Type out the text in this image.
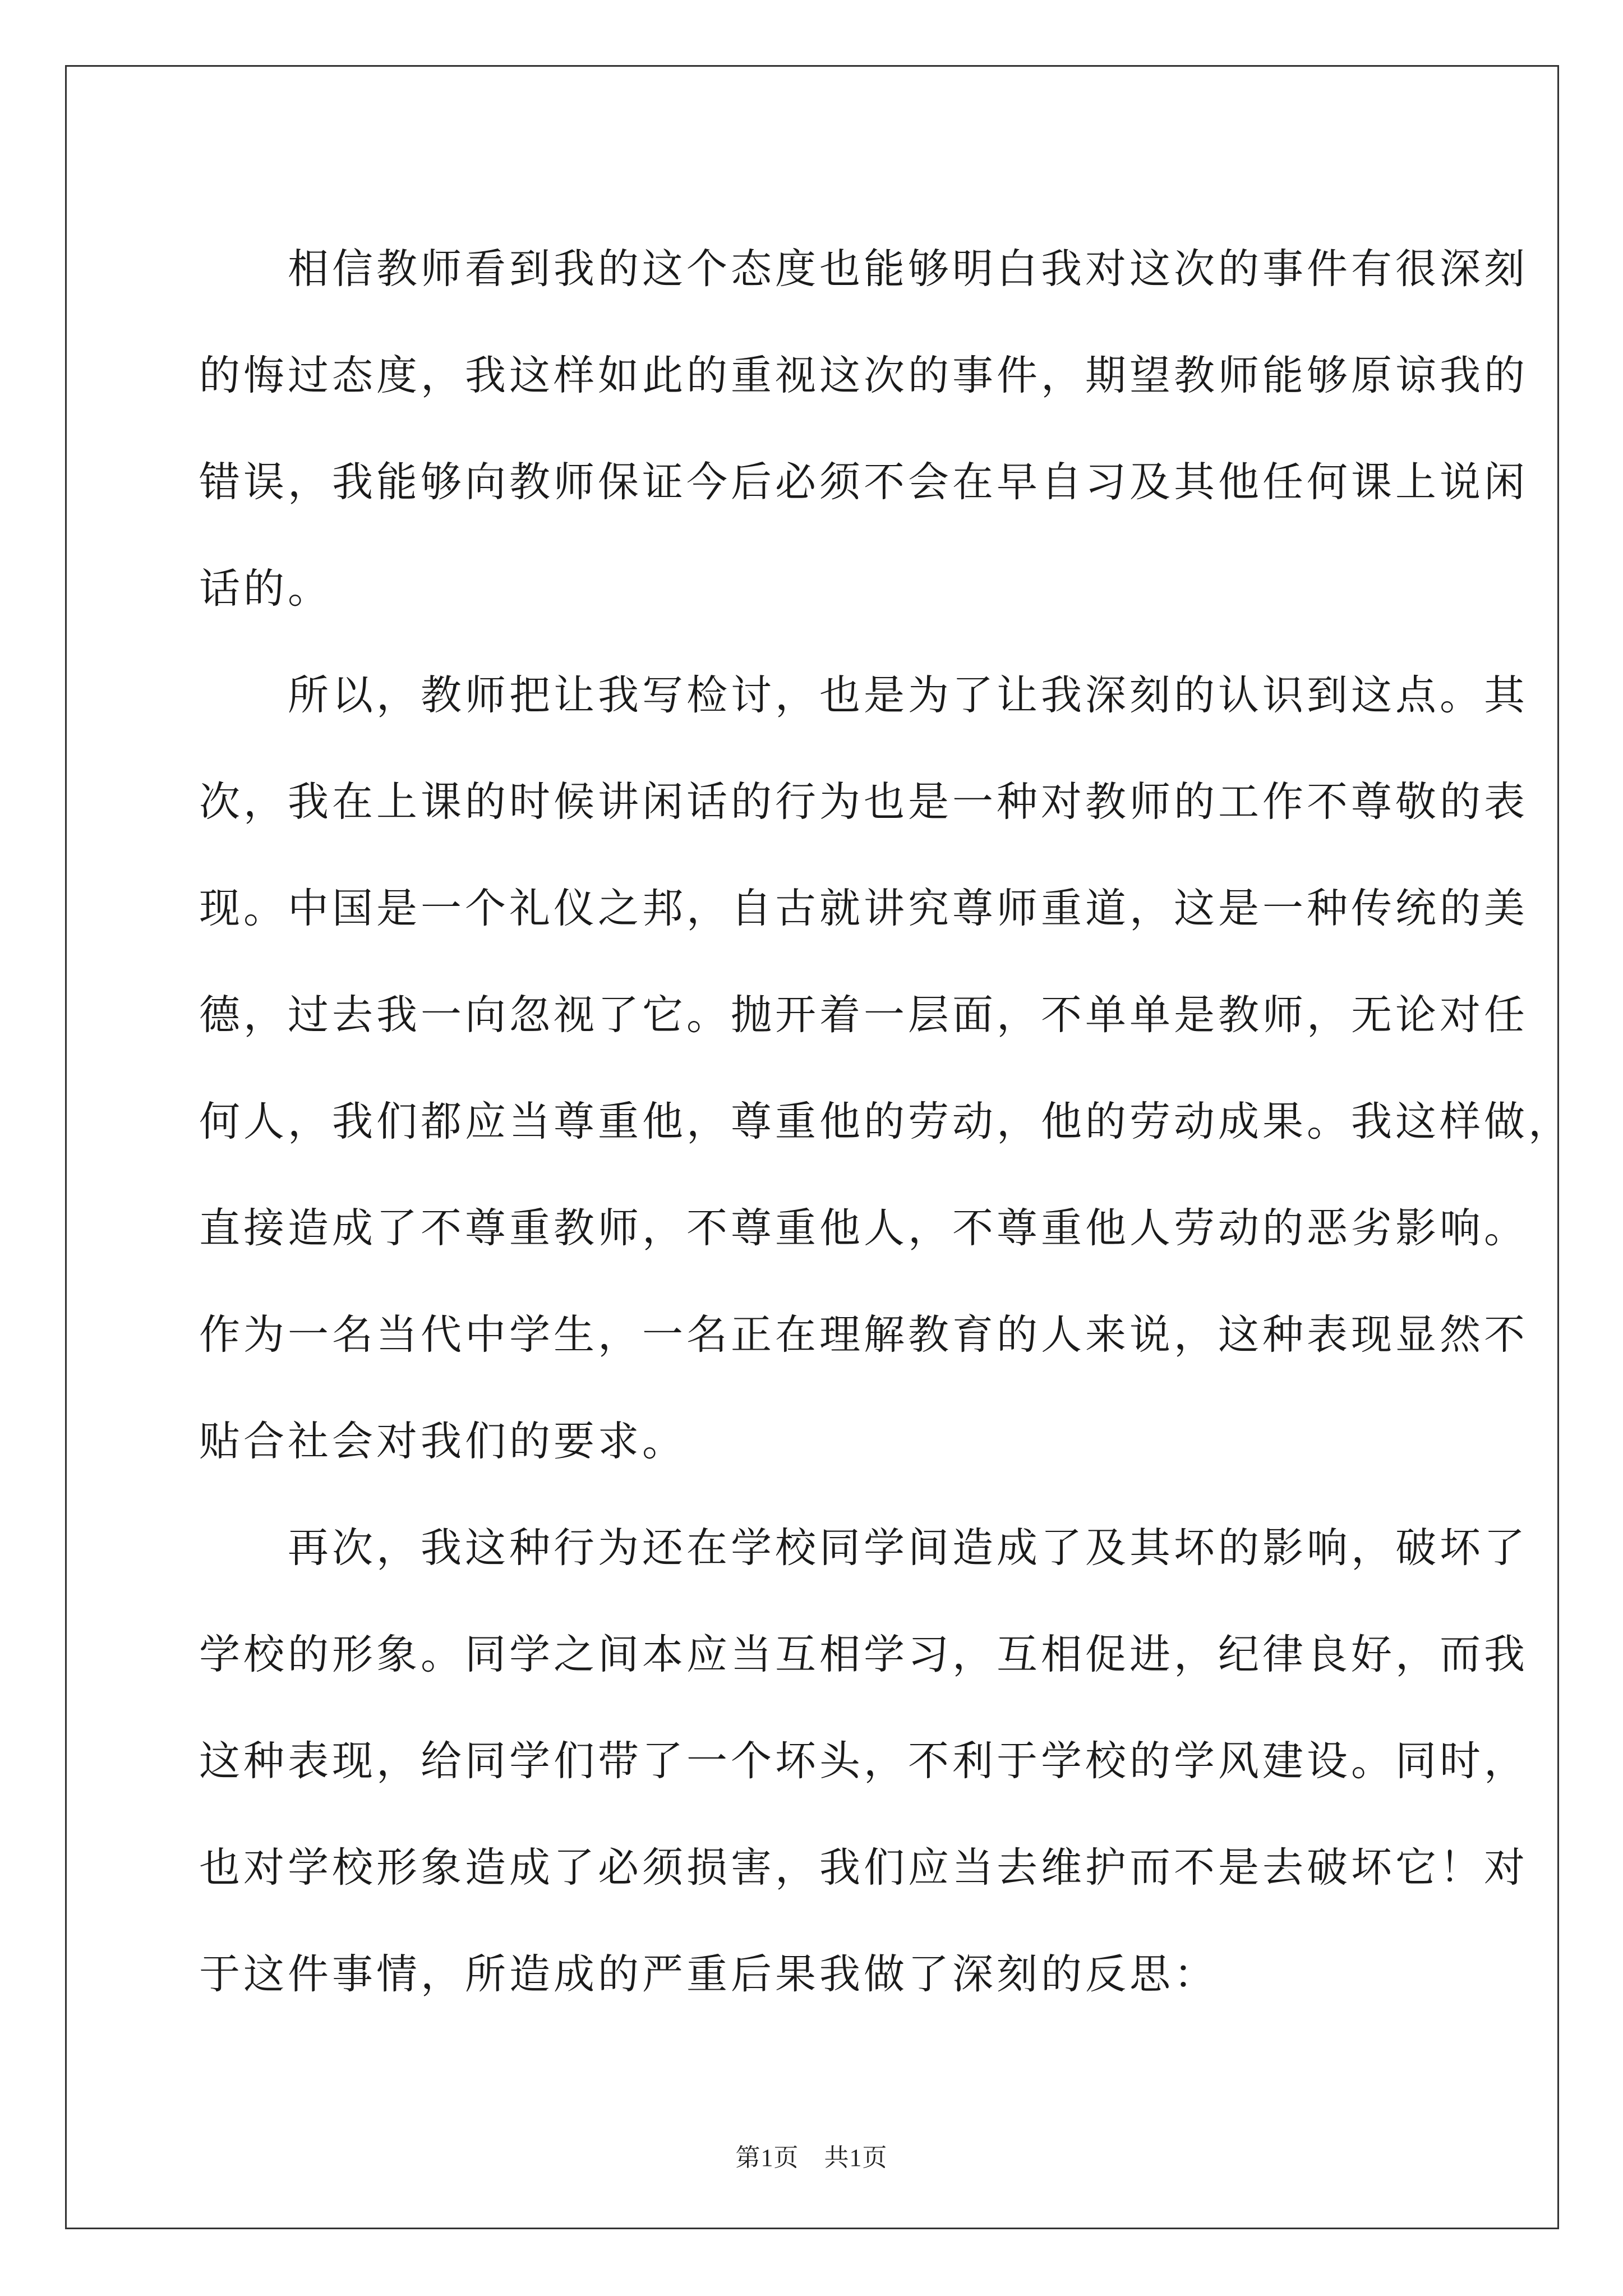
　　相信教师看到我的这个态度也能够明白我对这次的事件有很深刻
的悔过态度，我这样如此的重视这次的事件，期望教师能够原谅我的
错误，我能够向教师保证今后必须不会在早自习及其他任何课上说闲
话的。
　　所以，教师把让我写检讨，也是为了让我深刻的认识到这点。其
次，我在上课的时候讲闲话的行为也是一种对教师的工作不尊敬的表
现。中国是一个礼仪之邦，自古就讲究尊师重道，这是一种传统的美
德，过去我一向忽视了它。抛开着一层面，不单单是教师，无论对任
何人，我们都应当尊重他，尊重他的劳动，他的劳动成果。我这样做，
直接造成了不尊重教师，不尊重他人，不尊重他人劳动的恶劣影响。
作为一名当代中学生，一名正在理解教育的人来说，这种表现显然不
贴合社会对我们的要求。
　　再次，我这种行为还在学校同学间造成了及其坏的影响，破坏了
学校的形象。同学之间本应当互相学习，互相促进，纪律良好，而我
这种表现，给同学们带了一个坏头，不利于学校的学风建设。同时，
也对学校形象造成了必须损害，我们应当去维护而不是去破坏它！对
于这件事情，所造成的严重后果我做了深刻的反思：
第1页　共1页
